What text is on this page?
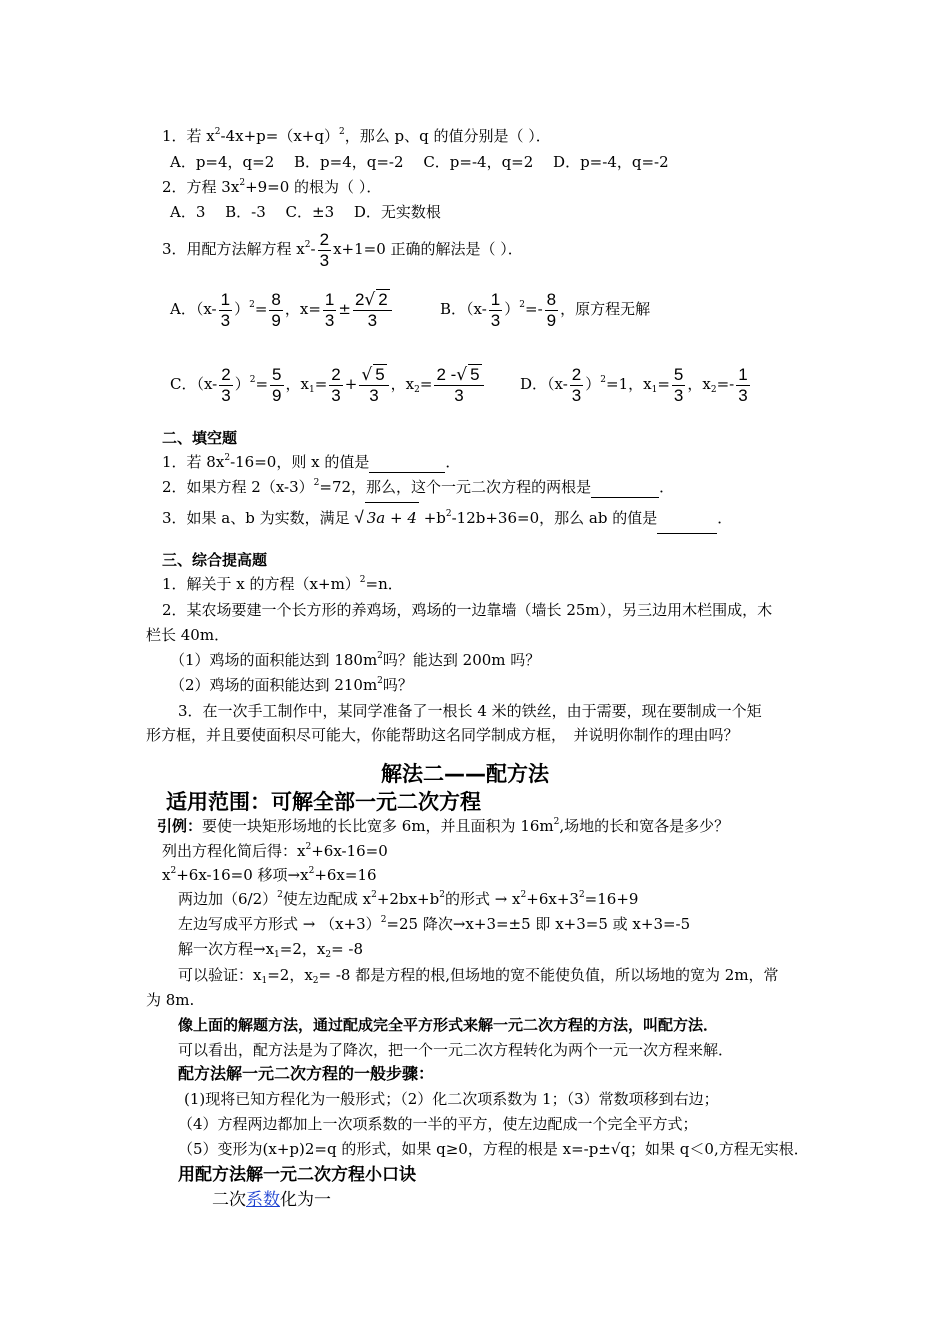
1．若 $x^2-4x+p=(x+q)^2$，那么 p、q 的值分别是（ ）．
A．p=4，q=2　 B．p=4，q=-2　 C．p=-4，q=2　 D．p=-4，q=-2
2．方程 $3x^2+9=0$ 的根为（ ）．
A．3　 B．-3　 C．±3　 D．无实数根
3．用配方法解方程 $x^2- \frac{2}{3} x+1=0$ 正确的解法是（ ）．
A．$(x- \frac{1}{3} )^2= \frac{8}{9}$ ，$x= \frac{1}{3} \pm \frac{2√ 2}{3}$	B．$(x- \frac{1}{3} )^2=- \frac{8}{9}$ ，原方程无解
C．$(x- \frac{2}{3} )^2= \frac{5}{9}$ ，$x_1= \frac{2}{3} + \frac{√ 5}{3}$ ，$x_2= \frac{2 -√ 5}{3}$ D．$(x- \frac{2}{3} )^2=1$，$x_1= \frac{5}{3}$ ，$x_2=- \frac{1}{3}$
二、填空题
1．若 $8x^2-16=0$，则 x 的值是	．
2．如果方程 $2(x-3)^2=72$，那么，这个一元二次方程的两根是	．
3．如果 a、b 为实数，满足 √ $3a + 4 +b^2-12b+36=0$，那么 ab 的值是	．
三、综合提高题
1．解关于 x 的方程$(x+m)^2=n$．
2．某农场要建一个长方形的养鸡场，鸡场的一边靠墙（墙长 25m），另三边用木栏围成，木
栏长 40m．
（1）鸡场的面积能达到 $180m^2$吗？能达到 200m 吗？
（2）鸡场的面积能达到 $210m^2$吗？
3．在一次手工制作中，某同学准备了一根长 4 米的铁丝，由于需要，现在要制成一个矩
形方框，并且要使面积尽可能大，你能帮助这名同学制成方框，　并说明你制作的理由吗？
解法二——配方法
适用范围：可解全部一元二次方程
引例：要使一块矩形场地的长比宽多 6m，并且面积为 $16m^2$,场地的长和宽各是多少？
列出方程化简后得：$x^2+6x-16=0$
$x^2+6x-16=0$ 移项$\to x^2+6x=16$
两边加$(6/2)^2$使左边配成 $x^2+2bx+b^2$的形式 → $x^2+6x+3^2=16+9$
左边写成平方形式 → $(x+3)^2=25$ 降次→x+3=±5 即 x+3=5 或 x+3=-5
解一次方程$\to x_1=2$，$x_2= -8$
可以验证：$x_1=2$，$x_2= -8$ 都是方程的根,但场地的宽不能使负值，所以场地的宽为 2m，常
为 8m.
像上面的解题方法，通过配成完全平方形式来解一元二次方程的方法，叫配方法．
可以看出，配方法是为了降次，把一个一元二次方程转化为两个一元一次方程来解．
配方法解一元二次方程的一般步骤：
(1)现将已知方程化为一般形式；（2）化二次项系数为 1；（3）常数项移到右边；
（4）方程两边都加上一次项系数的一半的平方，使左边配成一个完全平方式；
（5）变形为(x+p)2=q 的形式，如果 q≥0，方程的根是 x=-p±√q；如果 q＜0,方程无实根．
用配方法解一元二次方程小口诀
二次系数化为一
